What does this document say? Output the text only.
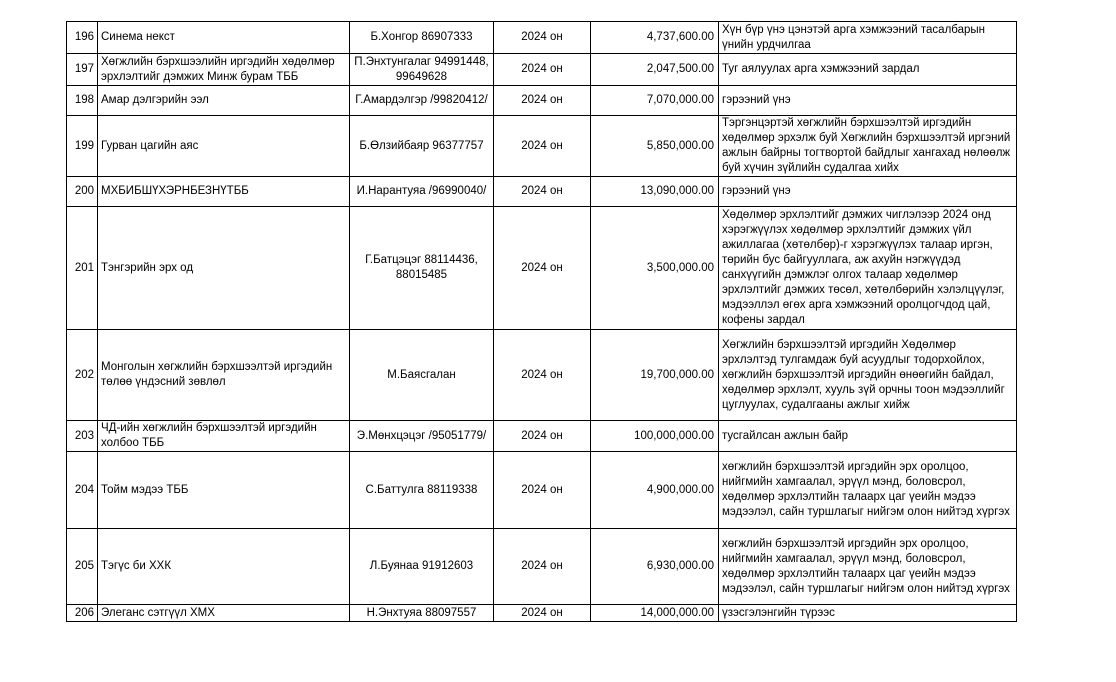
196	Синема некст	Б.Хонгор 86907333	2024 он	4,737,600.00	Хүн бүр үнэ цэнэтэй арга хэмжээний тасалбарын үнийн урдчилгаа
197	Хөгжлийн бэрхшээлийн иргэдийн хөдөлмөр эрхлэлтийг дэмжих Минж бурам ТББ	П.Энхтунгалаг 94991448, 99649628	2024 он	2,047,500.00	Туг аялуулах арга хэмжээний зардал
198	Амар дэлгэрийн ээл	Г.Амардэлгэр /99820412/	2024 он	7,070,000.00	гэрээний үнэ
199	Гурван цагийн аяс	Б.Өлзийбаяр 96377757	2024 он	5,850,000.00	Тэргэнцэртэй хөгжлийн бэрхшээлтэй иргэдийн хөдөлмөр эрхэлж буй Хөгжлийн бэрхшээлтэй иргэний ажлын байрны тогтвортой байдлыг хангахад нөлөөлж буй хүчин зүйлийн судалгаа хийх
200	МХБИБШҮХЭРНБЕЗНҮТББ	И.Нарантуяа /96990040/	2024 он	13,090,000.00	гэрээний үнэ
201	Тэнгэрийн эрх од	Г.Батцэцэг 88114436, 88015485	2024 он	3,500,000.00	Хөдөлмөр эрхлэлтийг дэмжих чиглэлээр 2024 онд хэрэгжүүлэх хөдөлмөр эрхлэлтийг дэмжих үйл ажиллагаа (хөтөлбөр)-г хэрэгжүүлэх талаар иргэн, төрийн бус байгууллага, аж ахуйн нэгжүүдэд санхүүгийн дэмжлэг олгох талаар хөдөлмөр эрхлэлтийг дэмжих төсөл, хөтөлбөрийн хэлэлцүүлэг, мэдээллэл өгөх арга хэмжээний оролцогчдод цай, кофены зардал
202	Монголын хөгжлийн бэрхшээлтэй иргэдийн төлөө үндэсний зөвлөл	М.Баясгалан	2024 он	19,700,000.00	Хөгжлийн бэрхшээлтэй иргэдийн Хөдөлмөр эрхлэлтэд тулгамдаж буй асуудлыг тодорхойлох, хөгжлийн бэрхшээлтэй иргэдийн өнөөгийн байдал, хөдөлмөр эрхлэлт, хууль зүй орчны тоон мэдээллийг цуглуулах, судалгааны ажлыг хийж
203	ЧД-ийн хөгжлийн бэрхшээлтэй иргэдийн холбоо ТББ	Э.Мөнхцэцэг /95051779/	2024 он	100,000,000.00	тусгайлсан ажлын байр
204	Тойм мэдээ ТББ	С.Баттулга 88119338	2024 он	4,900,000.00	хөгжлийн бэрхшээлтэй иргэдийн эрх оролцоо, нийгмийн хамгаалал, эрүүл мэнд, боловсрол, хөдөлмөр эрхлэлтийн талаарх цаг үеийн мэдээ мэдээлэл, сайн туршлагыг нийгэм олон нийтэд хүргэх
205	Тэгүс би ХХК	Л.Буянаа 91912603	2024 он	6,930,000.00	хөгжлийн бэрхшээлтэй иргэдийн эрх оролцоо, нийгмийн хамгаалал, эрүүл мэнд, боловсрол, хөдөлмөр эрхлэлтийн талаарх цаг үеийн мэдээ мэдээлэл, сайн туршлагыг нийгэм олон нийтэд хүргэх
206	Элеганс сэтгүүл ХМХ	Н.Энхтуяа 88097557	2024 он	14,000,000.00	үзэсгэлэнгийн түрээс
